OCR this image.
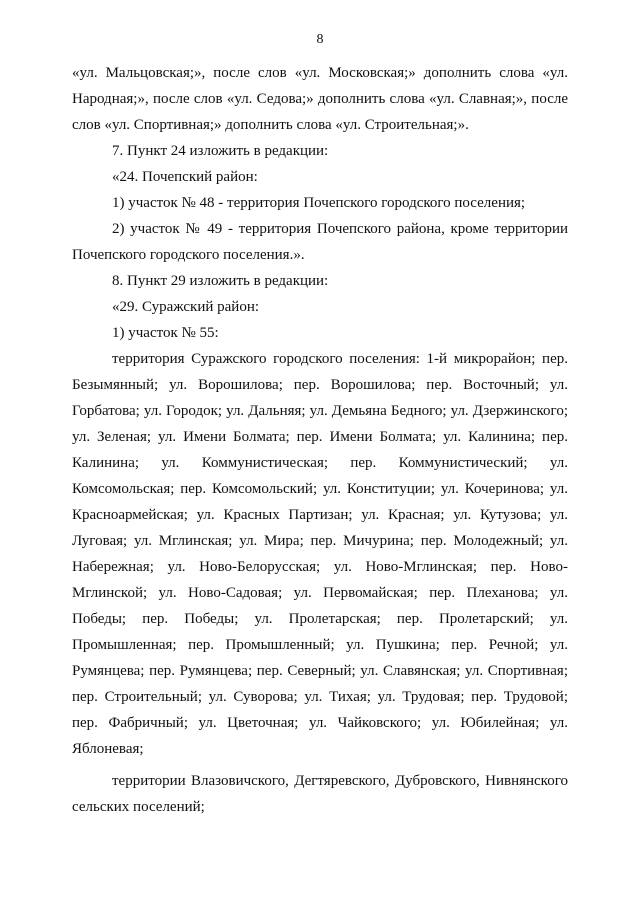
8

«ул. Мальцовская;», после слов «ул. Московская;» дополнить слова «ул. Народная;», после слов «ул. Седова;» дополнить слова «ул. Славная;», после слов «ул. Спортивная;» дополнить слова «ул. Строительная;».

7. Пункт 24 изложить в редакции:

«24. Почепский район:

1) участок № 48 - территория Почепского городского поселения;

2) участок № 49 - территория Почепского района, кроме территории Почепского городского поселения.».

8. Пункт 29 изложить в редакции:

«29. Суражский район:

1) участок № 55:

территория Суражского городского поселения: 1-й микрорайон; пер. Безымянный; ул. Ворошилова; пер. Ворошилова; пер. Восточный; ул. Горбатова; ул. Городок; ул. Дальняя; ул. Демьяна Бедного; ул. Дзержинского; ул. Зеленая; ул. Имени Болмата; пер. Имени Болмата; ул. Калинина; пер. Калинина; ул. Коммунистическая; пер. Коммунистический; ул. Комсомольская; пер. Комсомольский; ул. Конституции; ул. Кочеринова; ул. Красноармейская; ул. Красных Партизан; ул. Красная; ул. Кутузова; ул. Луговая; ул. Мглинская; ул. Мира; пер. Мичурина; пер. Молодежный; ул. Набережная; ул. Ново-Белорусская; ул. Ново-Мглинская; пер. Ново-Мглинской; ул. Ново-Садовая; ул. Первомайская; пер. Плеханова; ул. Победы; пер. Победы; ул. Пролетарская; пер. Пролетарский; ул. Промышленная; пер. Промышленный; ул. Пушкина; пер. Речной; ул. Румянцева; пер. Румянцева; пер. Северный; ул. Славянская; ул. Спортивная; пер. Строительный; ул. Суворова; ул. Тихая; ул. Трудовая; пер. Трудовой; пер. Фабричный; ул. Цветочная; ул. Чайковского; ул. Юбилейная; ул. Яблоневая;

территории Влазовичского, Дегтяревского, Дубровского, Нивнянского сельских поселений;
